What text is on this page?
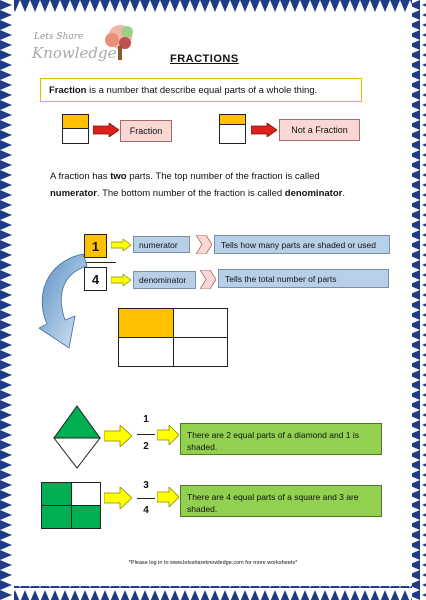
Lets Share
Knowledge	FRACTIONS
Fraction is a number that describe equal parts of a whole thing.
Fraction	Not a Fraction
A fraction has two parts. The top number of the fraction is called numerator. The bottom number of the fraction is called denominator.
1
4
numerator	Tells how many parts are shaded or used
denominator	Tells the total number of parts
1
2
There are 2 equal parts of a diamond and 1 is shaded.
3
4
There are 4 equal parts of a square and 3 are shaded.
*Please log in to www.letsshareknowledge.com for more worksheets*
